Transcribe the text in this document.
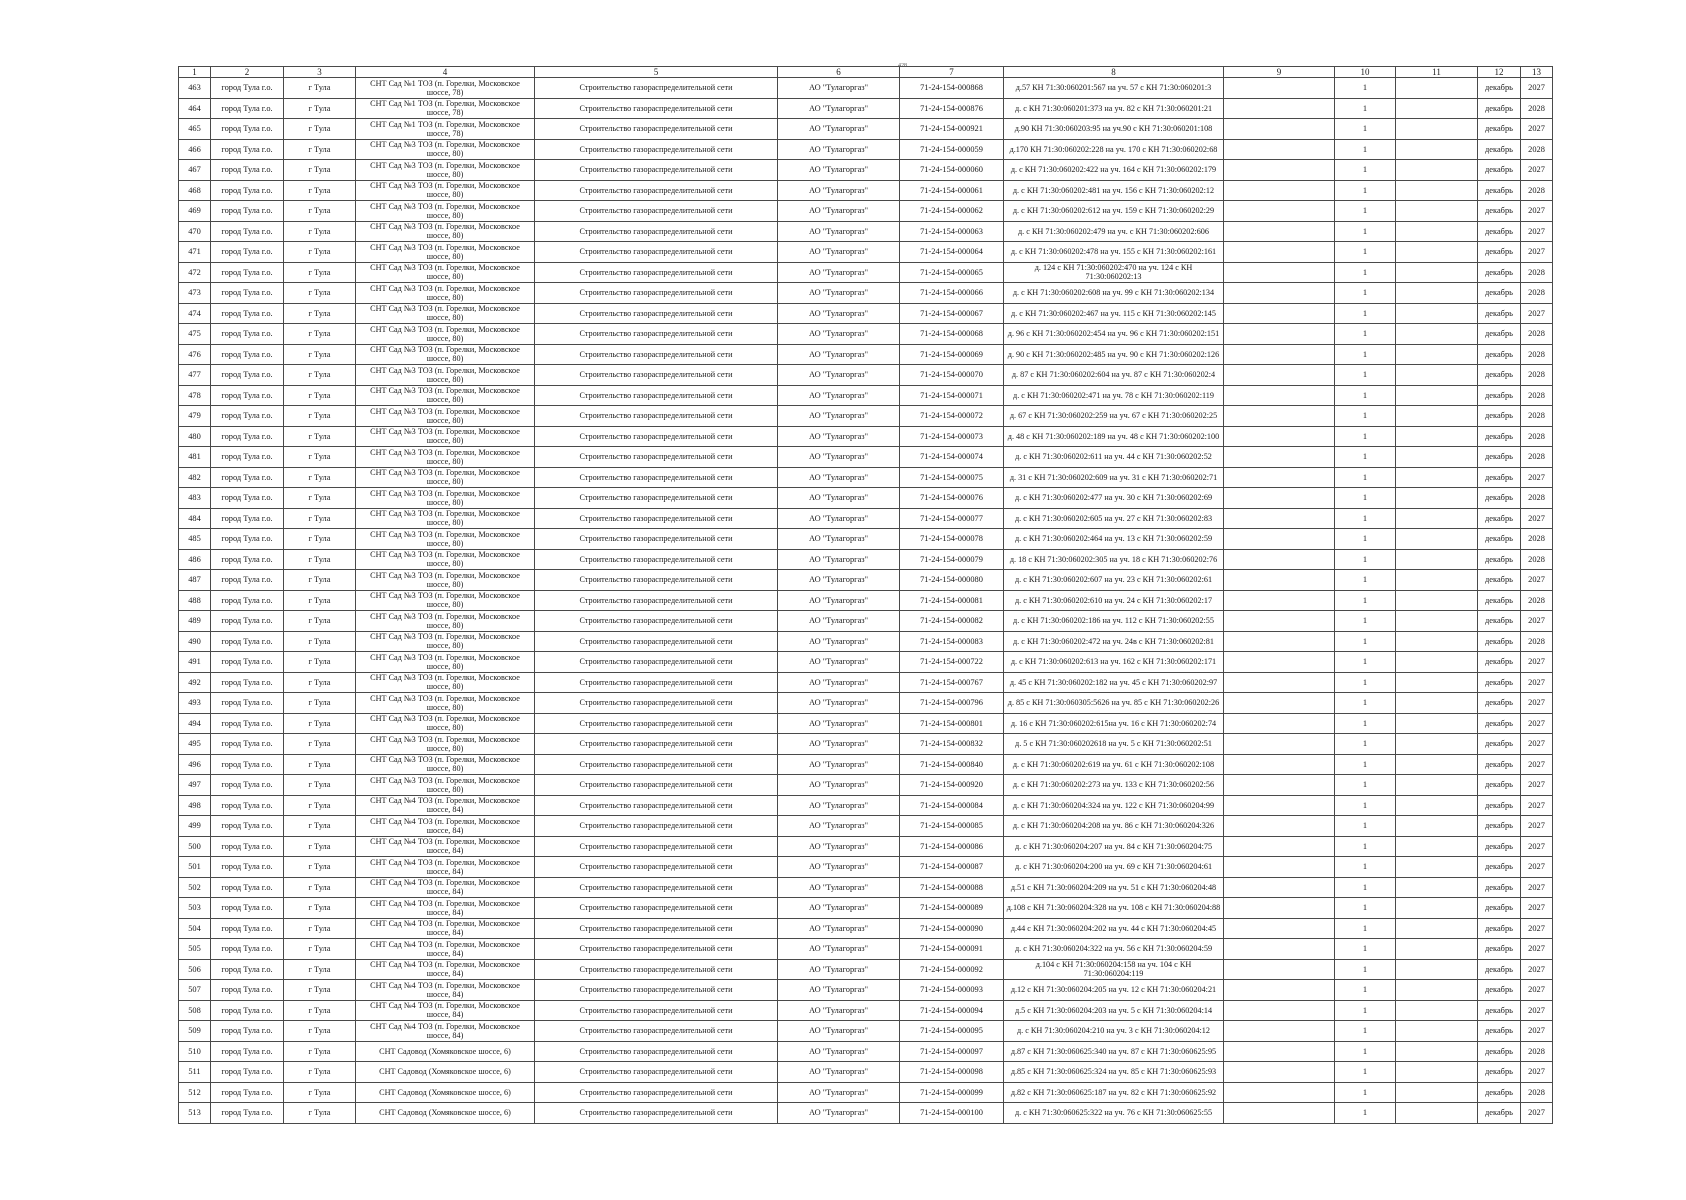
428
1	2	3	4	5	6	7	8	9	10	11	12	13
463	город Тула г.о.	г Тула	СНТ Сад №1 ТОЗ (п. Горелки, Московское шоссе, 78)	Строительство газораспределительной сети	АО "Тулагоргаз"	71-24-154-000868	д.57 КН 71:30:060201:567 на уч. 57 с КН 71:30:060201:3		1		декабрь	2027
464	город Тула г.о.	г Тула	СНТ Сад №1 ТОЗ (п. Горелки, Московское шоссе, 78)	Строительство газораспределительной сети	АО "Тулагоргаз"	71-24-154-000876	д. с КН 71:30:060201:373 на уч. 82 с КН 71:30:060201:21		1		декабрь	2028
465	город Тула г.о.	г Тула	СНТ Сад №1 ТОЗ (п. Горелки, Московское шоссе, 78)	Строительство газораспределительной сети	АО "Тулагоргаз"	71-24-154-000921	д.90 КН 71:30:060203:95 на уч.90 с КН 71:30:060201:108		1		декабрь	2027
466	город Тула г.о.	г Тула	СНТ Сад №3 ТОЗ (п. Горелки, Московское шоссе, 80)	Строительство газораспределительной сети	АО "Тулагоргаз"	71-24-154-000059	д.170 КН 71:30:060202:228 на уч. 170 с КН 71:30:060202:68		1		декабрь	2028
467	город Тула г.о.	г Тула	СНТ Сад №3 ТОЗ (п. Горелки, Московское шоссе, 80)	Строительство газораспределительной сети	АО "Тулагоргаз"	71-24-154-000060	д. с КН 71:30:060202:422 на уч. 164 с КН 71:30:060202:179		1		декабрь	2027
468	город Тула г.о.	г Тула	СНТ Сад №3 ТОЗ (п. Горелки, Московское шоссе, 80)	Строительство газораспределительной сети	АО "Тулагоргаз"	71-24-154-000061	д. с КН 71:30:060202:481 на уч. 156 с КН 71:30:060202:12		1		декабрь	2028
469	город Тула г.о.	г Тула	СНТ Сад №3 ТОЗ (п. Горелки, Московское шоссе, 80)	Строительство газораспределительной сети	АО "Тулагоргаз"	71-24-154-000062	д. с КН 71:30:060202:612 на уч. 159 с КН 71:30:060202:29		1		декабрь	2027
470	город Тула г.о.	г Тула	СНТ Сад №3 ТОЗ (п. Горелки, Московское шоссе, 80)	Строительство газораспределительной сети	АО "Тулагоргаз"	71-24-154-000063	д. с КН 71:30:060202:479 на уч. с КН 71:30:060202:606		1		декабрь	2027
471	город Тула г.о.	г Тула	СНТ Сад №3 ТОЗ (п. Горелки, Московское шоссе, 80)	Строительство газораспределительной сети	АО "Тулагоргаз"	71-24-154-000064	д. с КН 71:30:060202:478 на уч. 155 с КН 71:30:060202:161		1		декабрь	2027
472	город Тула г.о.	г Тула	СНТ Сад №3 ТОЗ (п. Горелки, Московское шоссе, 80)	Строительство газораспределительной сети	АО "Тулагоргаз"	71-24-154-000065	д. 124 с КН 71:30:060202:470 на уч. 124 с КН 71:30:060202:13		1		декабрь	2028
473	город Тула г.о.	г Тула	СНТ Сад №3 ТОЗ (п. Горелки, Московское шоссе, 80)	Строительство газораспределительной сети	АО "Тулагоргаз"	71-24-154-000066	д. с КН 71:30:060202:608 на уч. 99 с КН 71:30:060202:134		1		декабрь	2028
474	город Тула г.о.	г Тула	СНТ Сад №3 ТОЗ (п. Горелки, Московское шоссе, 80)	Строительство газораспределительной сети	АО "Тулагоргаз"	71-24-154-000067	д. с КН 71:30:060202:467 на уч. 115 с КН 71:30:060202:145		1		декабрь	2027
475	город Тула г.о.	г Тула	СНТ Сад №3 ТОЗ (п. Горелки, Московское шоссе, 80)	Строительство газораспределительной сети	АО "Тулагоргаз"	71-24-154-000068	д. 96 с КН 71:30:060202:454 на уч. 96 с КН 71:30:060202:151		1		декабрь	2028
476	город Тула г.о.	г Тула	СНТ Сад №3 ТОЗ (п. Горелки, Московское шоссе, 80)	Строительство газораспределительной сети	АО "Тулагоргаз"	71-24-154-000069	д. 90 с КН 71:30:060202:485 на уч. 90 с КН 71:30:060202:126		1		декабрь	2028
477	город Тула г.о.	г Тула	СНТ Сад №3 ТОЗ (п. Горелки, Московское шоссе, 80)	Строительство газораспределительной сети	АО "Тулагоргаз"	71-24-154-000070	д. 87 с КН 71:30:060202:604 на уч. 87 с КН 71:30:060202:4		1		декабрь	2028
478	город Тула г.о.	г Тула	СНТ Сад №3 ТОЗ (п. Горелки, Московское шоссе, 80)	Строительство газораспределительной сети	АО "Тулагоргаз"	71-24-154-000071	д. с КН 71:30:060202:471 на уч. 78 с КН 71:30:060202:119		1		декабрь	2028
479	город Тула г.о.	г Тула	СНТ Сад №3 ТОЗ (п. Горелки, Московское шоссе, 80)	Строительство газораспределительной сети	АО "Тулагоргаз"	71-24-154-000072	д. 67 с КН 71:30:060202:259 на уч. 67 с КН 71:30:060202:25		1		декабрь	2028
480	город Тула г.о.	г Тула	СНТ Сад №3 ТОЗ (п. Горелки, Московское шоссе, 80)	Строительство газораспределительной сети	АО "Тулагоргаз"	71-24-154-000073	д. 48 с КН 71:30:060202:189 на уч. 48 с КН 71:30:060202:100		1		декабрь	2028
481	город Тула г.о.	г Тула	СНТ Сад №3 ТОЗ (п. Горелки, Московское шоссе, 80)	Строительство газораспределительной сети	АО "Тулагоргаз"	71-24-154-000074	д. с КН 71:30:060202:611 на уч. 44 с КН 71:30:060202:52		1		декабрь	2028
482	город Тула г.о.	г Тула	СНТ Сад №3 ТОЗ (п. Горелки, Московское шоссе, 80)	Строительство газораспределительной сети	АО "Тулагоргаз"	71-24-154-000075	д. 31 с КН 71:30:060202:609 на уч. 31 с КН 71:30:060202:71		1		декабрь	2027
483	город Тула г.о.	г Тула	СНТ Сад №3 ТОЗ (п. Горелки, Московское шоссе, 80)	Строительство газораспределительной сети	АО "Тулагоргаз"	71-24-154-000076	д. с КН 71:30:060202:477 на уч. 30 с КН 71:30:060202:69		1		декабрь	2028
484	город Тула г.о.	г Тула	СНТ Сад №3 ТОЗ (п. Горелки, Московское шоссе, 80)	Строительство газораспределительной сети	АО "Тулагоргаз"	71-24-154-000077	д. с КН 71:30:060202:605 на уч. 27 с КН 71:30:060202:83		1		декабрь	2027
485	город Тула г.о.	г Тула	СНТ Сад №3 ТОЗ (п. Горелки, Московское шоссе, 80)	Строительство газораспределительной сети	АО "Тулагоргаз"	71-24-154-000078	д. с КН 71:30:060202:464 на уч. 13 с КН 71:30:060202:59		1		декабрь	2028
486	город Тула г.о.	г Тула	СНТ Сад №3 ТОЗ (п. Горелки, Московское шоссе, 80)	Строительство газораспределительной сети	АО "Тулагоргаз"	71-24-154-000079	д. 18 с КН 71:30:060202:305 на уч. 18 с КН 71:30:060202:76		1		декабрь	2028
487	город Тула г.о.	г Тула	СНТ Сад №3 ТОЗ (п. Горелки, Московское шоссе, 80)	Строительство газораспределительной сети	АО "Тулагоргаз"	71-24-154-000080	д. с КН 71:30:060202:607 на уч. 23 с КН 71:30:060202:61		1		декабрь	2027
488	город Тула г.о.	г Тула	СНТ Сад №3 ТОЗ (п. Горелки, Московское шоссе, 80)	Строительство газораспределительной сети	АО "Тулагоргаз"	71-24-154-000081	д. с КН 71:30:060202:610 на уч. 24 с КН 71:30:060202:17		1		декабрь	2028
489	город Тула г.о.	г Тула	СНТ Сад №3 ТОЗ (п. Горелки, Московское шоссе, 80)	Строительство газораспределительной сети	АО "Тулагоргаз"	71-24-154-000082	д. с КН 71:30:060202:186 на уч. 112 с КН 71:30:060202:55		1		декабрь	2027
490	город Тула г.о.	г Тула	СНТ Сад №3 ТОЗ (п. Горелки, Московское шоссе, 80)	Строительство газораспределительной сети	АО "Тулагоргаз"	71-24-154-000083	д. с КН 71:30:060202:472 на уч. 24в с КН 71:30:060202:81		1		декабрь	2028
491	город Тула г.о.	г Тула	СНТ Сад №3 ТОЗ (п. Горелки, Московское шоссе, 80)	Строительство газораспределительной сети	АО "Тулагоргаз"	71-24-154-000722	д. с КН 71:30:060202:613 на уч. 162 с КН 71:30:060202:171		1		декабрь	2027
492	город Тула г.о.	г Тула	СНТ Сад №3 ТОЗ (п. Горелки, Московское шоссе, 80)	Строительство газораспределительной сети	АО "Тулагоргаз"	71-24-154-000767	д. 45 с КН 71:30:060202:182 на уч. 45 с КН 71:30:060202:97		1		декабрь	2027
493	город Тула г.о.	г Тула	СНТ Сад №3 ТОЗ (п. Горелки, Московское шоссе, 80)	Строительство газораспределительной сети	АО "Тулагоргаз"	71-24-154-000796	д. 85 с КН 71:30:060305:5626 на уч. 85 с КН 71:30:060202:26		1		декабрь	2027
494	город Тула г.о.	г Тула	СНТ Сад №3 ТОЗ (п. Горелки, Московское шоссе, 80)	Строительство газораспределительной сети	АО "Тулагоргаз"	71-24-154-000801	д. 16 с КН 71:30:060202:615на уч. 16 с КН 71:30:060202:74		1		декабрь	2027
495	город Тула г.о.	г Тула	СНТ Сад №3 ТОЗ (п. Горелки, Московское шоссе, 80)	Строительство газораспределительной сети	АО "Тулагоргаз"	71-24-154-000832	д. 5 с КН 71:30:060202618 на уч. 5 с КН 71:30:060202:51		1		декабрь	2027
496	город Тула г.о.	г Тула	СНТ Сад №3 ТОЗ (п. Горелки, Московское шоссе, 80)	Строительство газораспределительной сети	АО "Тулагоргаз"	71-24-154-000840	д. с КН 71:30:060202:619 на уч. 61 с КН 71:30:060202:108		1		декабрь	2027
497	город Тула г.о.	г Тула	СНТ Сад №3 ТОЗ (п. Горелки, Московское шоссе, 80)	Строительство газораспределительной сети	АО "Тулагоргаз"	71-24-154-000920	д. с КН 71:30:060202:273 на уч. 133 с КН 71:30:060202:56		1		декабрь	2027
498	город Тула г.о.	г Тула	СНТ Сад №4 ТОЗ (п. Горелки, Московское шоссе, 84)	Строительство газораспределительной сети	АО "Тулагоргаз"	71-24-154-000084	д. с КН 71:30:060204:324 на уч. 122 с КН 71:30:060204:99		1		декабрь	2027
499	город Тула г.о.	г Тула	СНТ Сад №4 ТОЗ (п. Горелки, Московское шоссе, 84)	Строительство газораспределительной сети	АО "Тулагоргаз"	71-24-154-000085	д. с КН 71:30:060204:208 на уч. 86 с КН 71:30:060204:326		1		декабрь	2027
500	город Тула г.о.	г Тула	СНТ Сад №4 ТОЗ (п. Горелки, Московское шоссе, 84)	Строительство газораспределительной сети	АО "Тулагоргаз"	71-24-154-000086	д. с КН 71:30:060204:207 на уч. 84 с КН 71:30:060204:75		1		декабрь	2027
501	город Тула г.о.	г Тула	СНТ Сад №4 ТОЗ (п. Горелки, Московское шоссе, 84)	Строительство газораспределительной сети	АО "Тулагоргаз"	71-24-154-000087	д. с КН 71:30:060204:200 на уч. 69 с КН 71:30:060204:61		1		декабрь	2027
502	город Тула г.о.	г Тула	СНТ Сад №4 ТОЗ (п. Горелки, Московское шоссе, 84)	Строительство газораспределительной сети	АО "Тулагоргаз"	71-24-154-000088	д.51 с КН 71:30:060204:209 на уч. 51 с КН 71:30:060204:48		1		декабрь	2027
503	город Тула г.о.	г Тула	СНТ Сад №4 ТОЗ (п. Горелки, Московское шоссе, 84)	Строительство газораспределительной сети	АО "Тулагоргаз"	71-24-154-000089	д.108 с КН 71:30:060204:328 на уч. 108 с КН 71:30:060204:88		1		декабрь	2027
504	город Тула г.о.	г Тула	СНТ Сад №4 ТОЗ (п. Горелки, Московское шоссе, 84)	Строительство газораспределительной сети	АО "Тулагоргаз"	71-24-154-000090	д.44 с КН 71:30:060204:202 на уч. 44 с КН 71:30:060204:45		1		декабрь	2027
505	город Тула г.о.	г Тула	СНТ Сад №4 ТОЗ (п. Горелки, Московское шоссе, 84)	Строительство газораспределительной сети	АО "Тулагоргаз"	71-24-154-000091	д. с КН 71:30:060204:322 на уч. 56 с КН 71:30:060204:59		1		декабрь	2027
506	город Тула г.о.	г Тула	СНТ Сад №4 ТОЗ (п. Горелки, Московское шоссе, 84)	Строительство газораспределительной сети	АО "Тулагоргаз"	71-24-154-000092	д.104 с КН 71:30:060204:158 на уч. 104 с КН 71:30:060204:119		1		декабрь	2027
507	город Тула г.о.	г Тула	СНТ Сад №4 ТОЗ (п. Горелки, Московское шоссе, 84)	Строительство газораспределительной сети	АО "Тулагоргаз"	71-24-154-000093	д.12 с КН 71:30:060204:205 на уч. 12 с КН 71:30:060204:21		1		декабрь	2027
508	город Тула г.о.	г Тула	СНТ Сад №4 ТОЗ (п. Горелки, Московское шоссе, 84)	Строительство газораспределительной сети	АО "Тулагоргаз"	71-24-154-000094	д.5 с КН 71:30:060204:203 на уч. 5 с КН 71:30:060204:14		1		декабрь	2027
509	город Тула г.о.	г Тула	СНТ Сад №4 ТОЗ (п. Горелки, Московское шоссе, 84)	Строительство газораспределительной сети	АО "Тулагоргаз"	71-24-154-000095	д. с КН 71:30:060204:210 на уч. 3 с КН 71:30:060204:12		1		декабрь	2027
510	город Тула г.о.	г Тула	СНТ Садовод (Хомяковское шоссе, 6)	Строительство газораспределительной сети	АО "Тулагоргаз"	71-24-154-000097	д.87 с КН 71:30:060625:340 на уч. 87 с КН 71:30:060625:95		1		декабрь	2028
511	город Тула г.о.	г Тула	СНТ Садовод (Хомяковское шоссе, 6)	Строительство газораспределительной сети	АО "Тулагоргаз"	71-24-154-000098	д.85 с КН 71:30:060625:324 на уч. 85 с КН 71:30:060625:93		1		декабрь	2027
512	город Тула г.о.	г Тула	СНТ Садовод (Хомяковское шоссе, 6)	Строительство газораспределительной сети	АО "Тулагоргаз"	71-24-154-000099	д.82 с КН 71:30:060625:187 на уч. 82 с КН 71:30:060625:92		1		декабрь	2028
513	город Тула г.о.	г Тула	СНТ Садовод (Хомяковское шоссе, 6)	Строительство газораспределительной сети	АО "Тулагоргаз"	71-24-154-000100	д. с КН 71:30:060625:322 на уч. 76 с КН 71:30:060625:55		1		декабрь	2027
